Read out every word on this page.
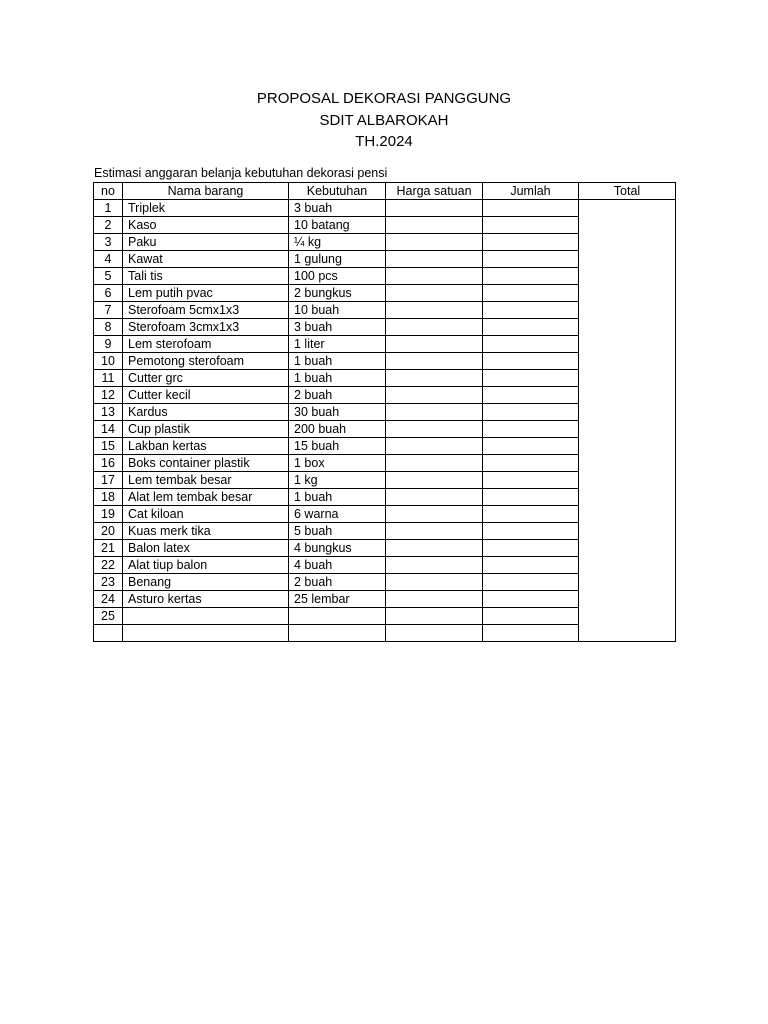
PROPOSAL DEKORASI PANGGUNG
SDIT ALBAROKAH
TH.2024
Estimasi anggaran belanja kebutuhan dekorasi pensi
no	Nama barang	Kebutuhan	Harga satuan	Jumlah	Total
1	Triplek	3 buah			
2	Kaso	10 batang			
3	Paku	¼ kg			
4	Kawat	1 gulung			
5	Tali tis	100 pcs			
6	Lem putih pvac	2 bungkus			
7	Sterofoam 5cmx1x3	10 buah			
8	Sterofoam 3cmx1x3	3 buah			
9	Lem sterofoam	1 liter			
10	Pemotong sterofoam	1 buah			
11	Cutter grc	1 buah			
12	Cutter kecil	2 buah			
13	Kardus	30 buah			
14	Cup plastik	200 buah			
15	Lakban kertas	15 buah			
16	Boks container plastik	1 box			
17	Lem tembak besar	1 kg			
18	Alat lem tembak besar	1 buah			
19	Cat kiloan	6 warna			
20	Kuas merk tika	5 buah			
21	Balon latex	4 bungkus			
22	Alat tiup balon	4 buah			
23	Benang	2 buah			
24	Asturo kertas	25 lembar			
25					
